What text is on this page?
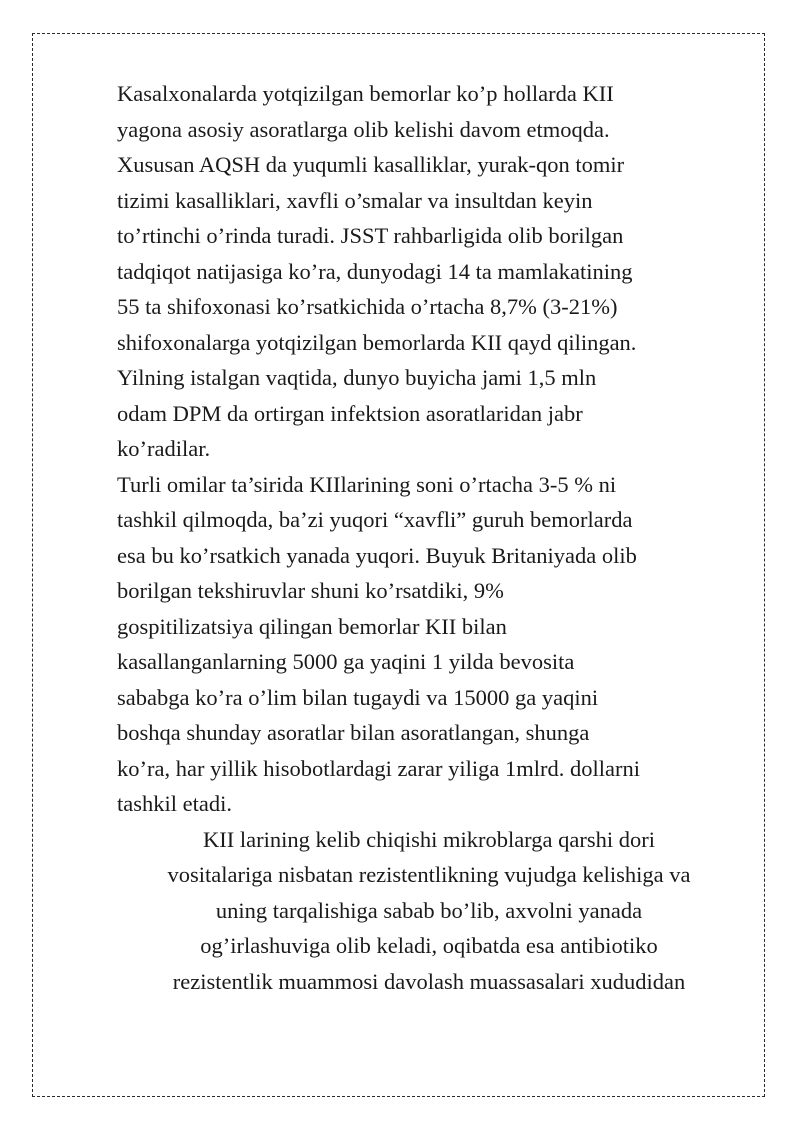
Kasalxonalarda yotqizilgan bemorlar ko’p hollarda KII
yagona asosiy asoratlarga olib kelishi davom etmoqda.
Xususan AQSH da yuqumli kasalliklar, yurak-qon tomir
tizimi kasalliklari, xavfli o’smalar va insultdan keyin
to’rtinchi o’rinda turadi. JSST rahbarligida olib borilgan
tadqiqot natijasiga ko’ra, dunyodagi 14 ta mamlakatining
55 ta shifoxonasi ko’rsatkichida o’rtacha 8,7% (3-21%)
shifoxonalarga yotqizilgan bemorlarda KII qayd qilingan.
Yilning istalgan vaqtida, dunyo buyicha jami 1,5 mln
odam DPM da ortirgan infektsion asoratlaridan jabr
ko’radilar.
Turli omilar ta’sirida KIIlarining soni o’rtacha 3-5 % ni
tashkil qilmoqda, ba’zi yuqori “xavfli” guruh bemorlarda
esa bu ko’rsatkich yanada yuqori. Buyuk Britaniyada olib
borilgan tekshiruvlar shuni ko’rsatdiki, 9%
gospitilizatsiya qilingan bemorlar KII bilan
kasallanganlarning 5000 ga yaqini 1 yilda bevosita
sababga ko’ra o’lim bilan tugaydi va 15000 ga yaqini
boshqa shunday asoratlar bilan asoratlangan, shunga
ko’ra, har yillik hisobotlardagi zarar yiliga 1mlrd. dollarni
tashkil etadi.
KII larining kelib chiqishi mikroblarga qarshi dori
vositalariga nisbatan rezistentlikning vujudga kelishiga va
uning tarqalishiga sabab bo’lib, axvolni yanada
og’irlashuviga olib keladi, oqibatda esa antibiotiko
rezistentlik muammosi davolash muassasalari xududidan
